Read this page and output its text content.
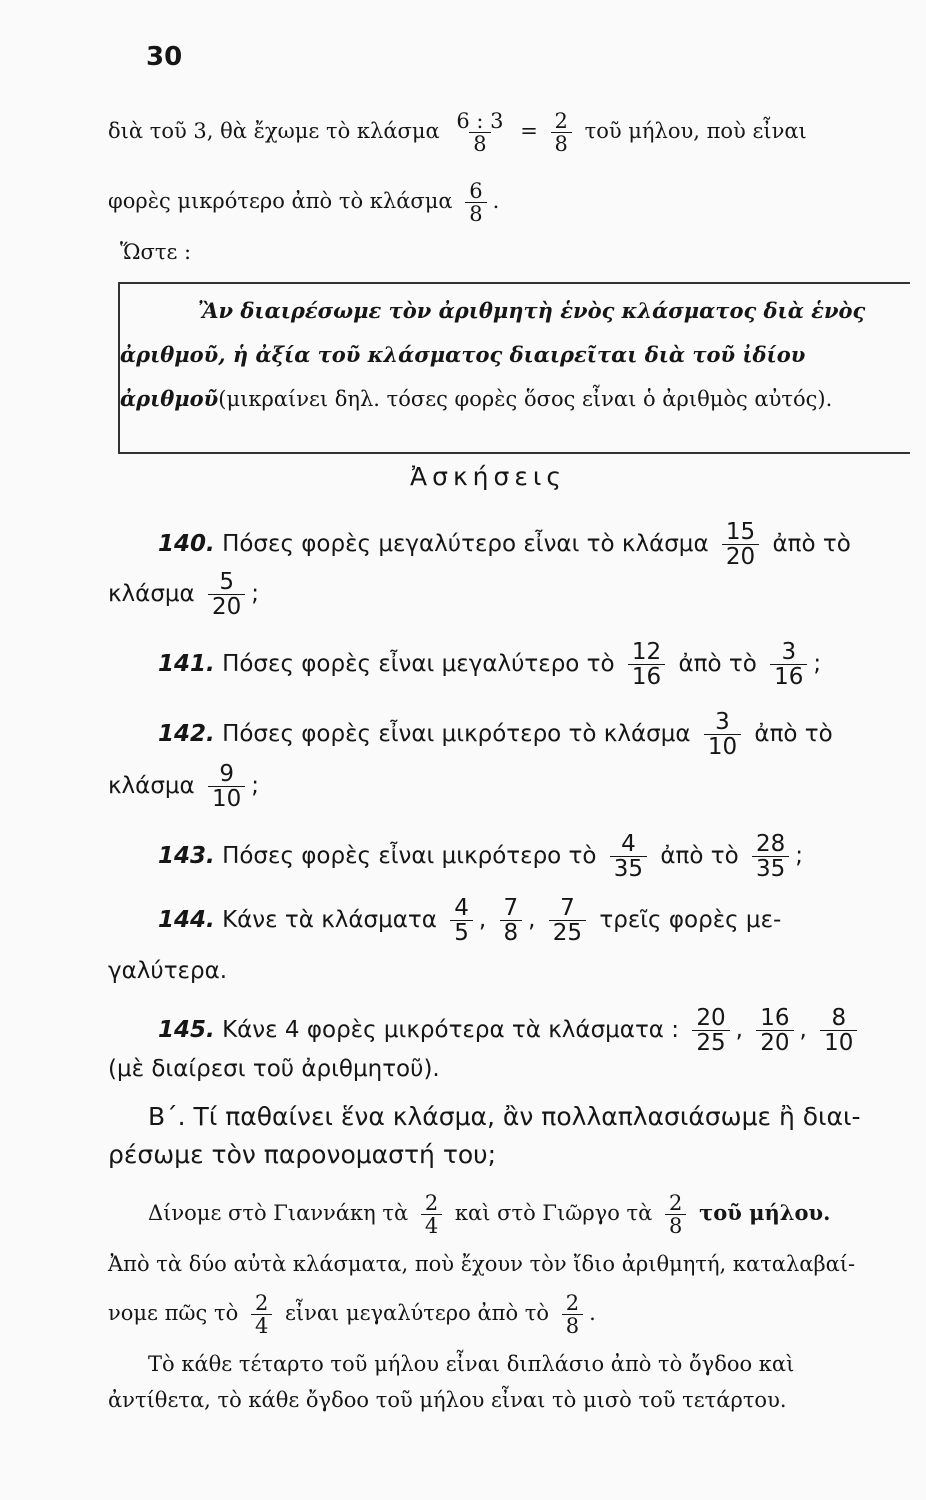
30
διὰ τοῦ 3, θὰ ἔχωμε τὸ κλάσμα $\frac{6 : 3}{8} = \frac{2}{8}$ τοῦ μήλου, ποὺ εἶναι
φορὲς μικρότερο ἀπὸ τὸ κλάσμα $\frac{6}{8}$ .
Ὥστε :
Ἂν διαιρέσωμε τὸν ἀριθμητὴ ἑνὸς κλάσματος διὰ ἑνὸς
ἀριθμοῦ, ἡ ἀξία τοῦ κλάσματος διαιρεῖται διὰ τοῦ ἰδίου
ἀριθμοῦ(μικραίνει δηλ. τόσες φορὲς ὅσος εἶναι ὁ ἀριθμὸς αὐτός).
Ἀσκήσεις
140. Πόσες φορὲς μεγαλύτερο εἶναι τὸ κλάσμα $\frac{15}{20}$ ἀπὸ τὸ
κλάσμα $\frac{5}{20}$ ;
141. Πόσες φορὲς εἶναι μεγαλύτερο τὸ $\frac{12}{16}$ ἀπὸ τὸ $\frac{3}{16}$ ;
142. Πόσες φορὲς εἶναι μικρότερο τὸ κλάσμα $\frac{3}{10}$ ἀπὸ τὸ
κλάσμα $\frac{9}{10}$ ;
143. Πόσες φορὲς εἶναι μικρότερο τὸ $\frac{4}{35}$ ἀπὸ τὸ $\frac{28}{35}$ ;
144. Κάνε τὰ κλάσματα $\frac{4}{5}$ , $\frac{7}{8}$ , $\frac{7}{25}$ τρεῖς φορὲς με-
γαλύτερα.
145. Κάνε 4 φορὲς μικρότερα τὰ κλάσματα : $\frac{20}{25}$ , $\frac{16}{20}$ , $\frac{8}{10}$
(μὲ διαίρεσι τοῦ ἀριθμητοῦ).
Β΄. Τί παθαίνει ἕνα κλάσμα, ἂν πολλαπλασιάσωμε ἢ διαι-
ρέσωμε τὸν παρονομαστή του;
Δίνομε στὸ Γιαννάκη τὰ $\frac{2}{4}$ καὶ στὸ Γιῶργο τὰ $\frac{2}{8}$ τοῦ μήλου.
Ἀπὸ τὰ δύο αὐτὰ κλάσματα, ποὺ ἔχουν τὸν ἴδιο ἀριθμητή, καταλαβαί-
νομε πῶς τὸ $\frac{2}{4}$ εἶναι μεγαλύτερο ἀπὸ τὸ $\frac{2}{8}$ .
Τὸ κάθε τέταρτο τοῦ μήλου εἶναι διπλάσιο ἀπὸ τὸ ὄγδοο καὶ
ἀντίθετα, τὸ κάθε ὄγδοο τοῦ μήλου εἶναι τὸ μισὸ τοῦ τετάρτου.
